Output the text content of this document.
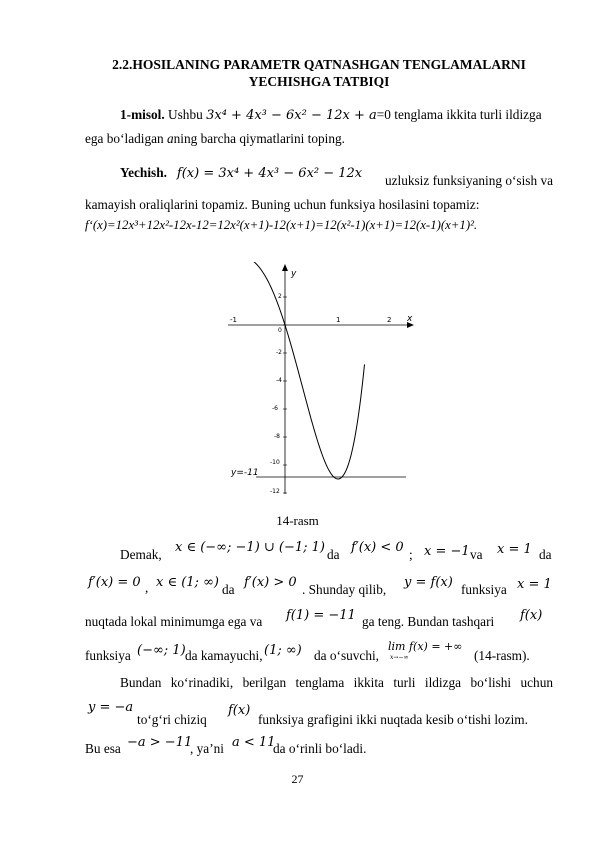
2.2.HOSILANING PARAMETR QATNASHGAN TENGLAMALARNI
YECHISHGA TATBIQI
1-misol. Ushbu 3x⁴ + 4x³ − 6x² − 12x + a=0 tenglama ikkita turli ildizga
ega bo‘ladigan aning barcha qiymatlarini toping.
Yechish. f(x) = 3x⁴ + 4x³ − 6x² − 12x	uzluksiz funksiyaning o‘sish va
kamayish oraliqlarini topamiz. Buning uchun funksiya hosilasini topamiz:
f‘(x)=12x³+12x²-12x-12=12x²(x+1)-12(x+1)=12(x²-1)(x+1)=12(x-1)(x+1)².
-1	1	2 x
y
2
0
-2
-4
-6
-8
-10
-12
y=-11
14-rasm
Demak, x ∈ (−∞; −1) ∪ (−1; 1) da f′(x) < 0 ; x = −1 va x = 1 da
f′(x) = 0 , x ∈ (1; ∞) da f′(x) > 0 . Shunday qilib, y = f(x) funksiya x = 1
nuqtada lokal minimumga ega va f(1) = −11 ga teng. Bundan tashqari f(x)
funksiya (−∞; 1) da kamayuchi, (1; ∞) da o‘suvchi,
lim f(x) = +∞
x→−∞	(14-rasm).
Bundan ko‘rinadiki, berilgan tenglama ikkita turli ildizga bo‘lishi uchun
y = −a
to‘g‘ri chiziq
f(x)
funksiya grafigini ikki nuqtada kesib o‘tishi lozim.
Bu esa −a > −11
, ya’ni a < 11
da o‘rinli bo‘ladi.
27
